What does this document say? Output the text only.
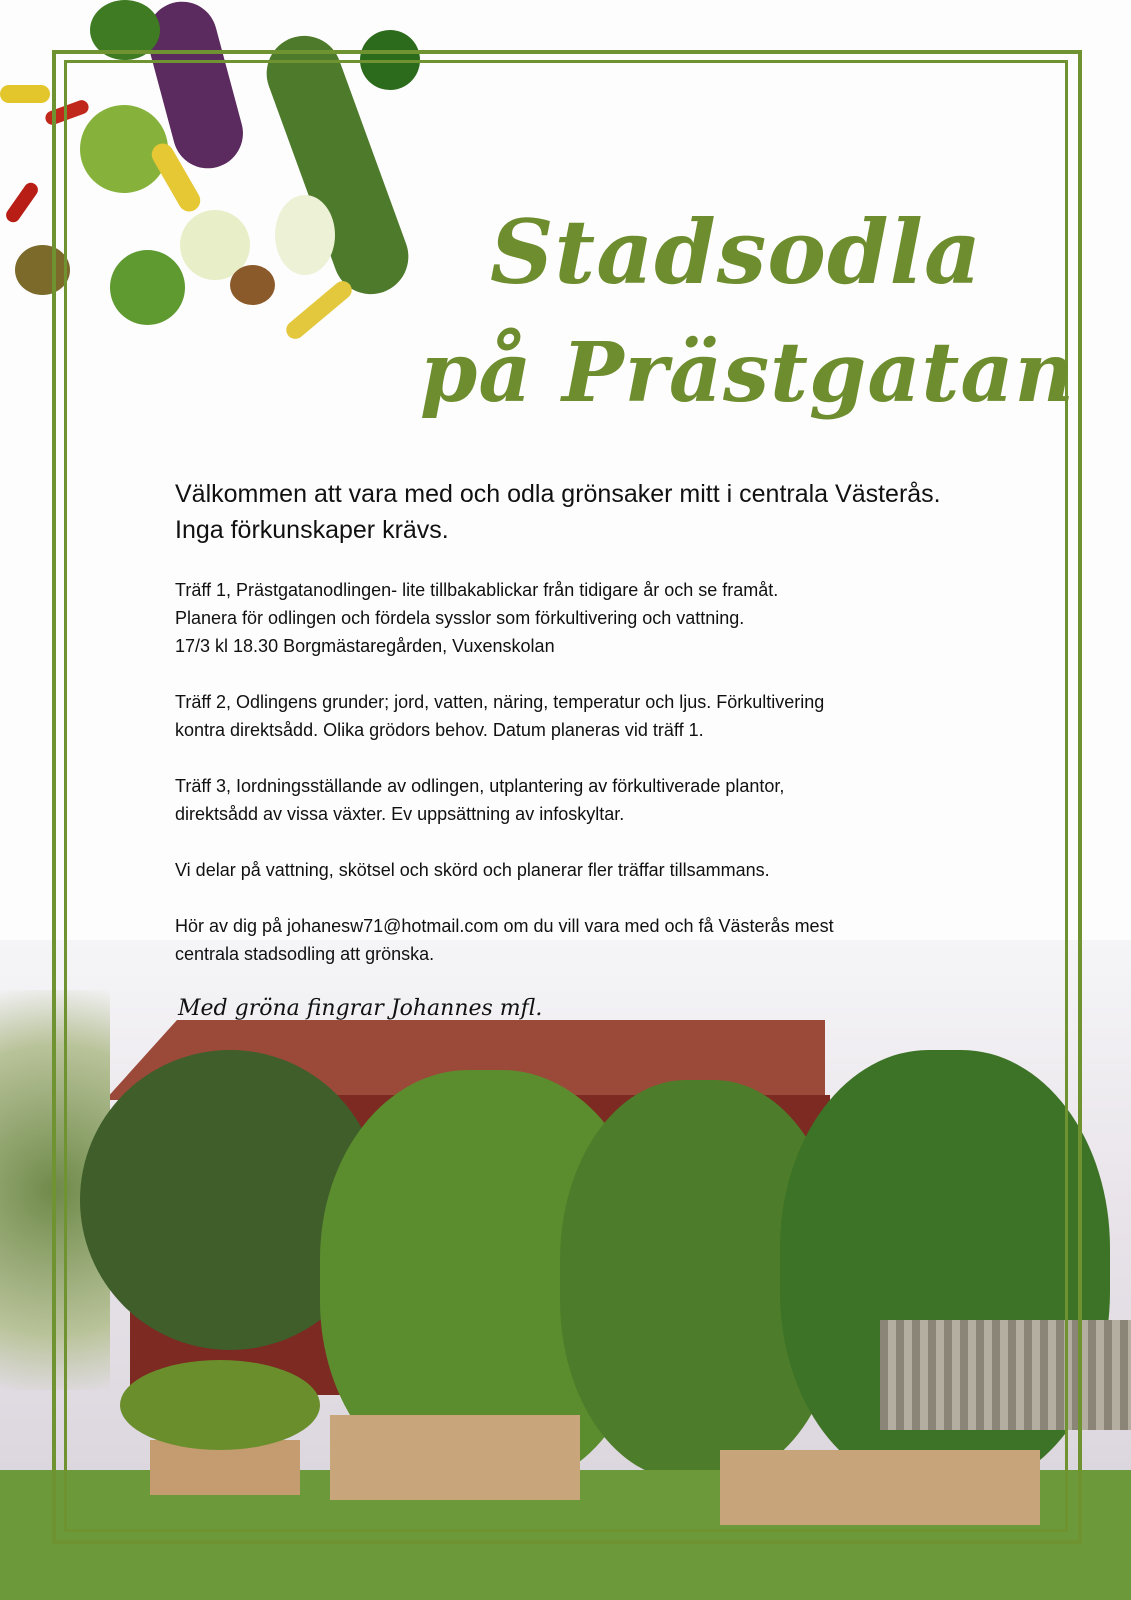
Stadsodla
på Prästgatan
Välkommen att vara med och odla grönsaker mitt i centrala Västerås. Inga förkunskaper krävs.

Träff 1, Prästgatanodlingen- lite tillbakablickar från tidigare år och se framåt.
Planera för odlingen och fördela sysslor som förkultivering och vattning.
17/3 kl 18.30 Borgmästaregården, Vuxenskolan

Träff 2, Odlingens grunder; jord, vatten, näring, temperatur och ljus. Förkultivering
kontra direktsådd. Olika grödors behov. Datum planeras vid träff 1.

Träff 3, Iordningsställande av odlingen, utplantering av förkultiverade plantor,
direktsådd av vissa växter. Ev uppsättning av infoskyltar.

Vi delar på vattning, skötsel och skörd och planerar fler träffar tillsammans.

Hör av dig på johanesw71@hotmail.com om du vill vara med och få Västerås mest
centrala stadsodling att grönska.

Med gröna fingrar Johannes mfl.
